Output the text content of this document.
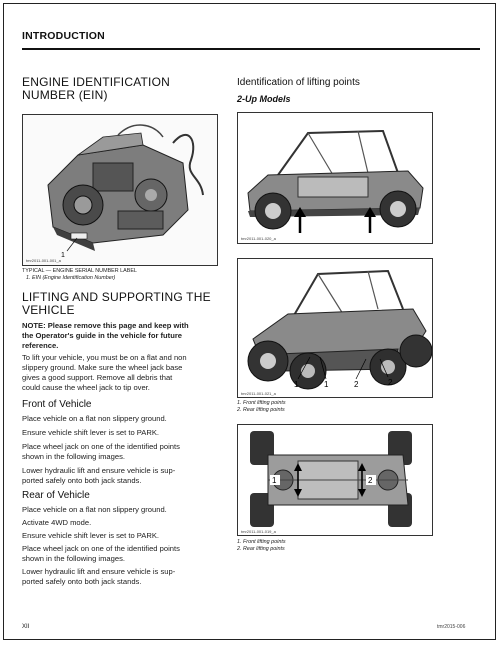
INTRODUCTION
ENGINE IDENTIFICATION
NUMBER (EIN)
1
tmr2011-001-001_a
TYPICAL — ENGINE SERIAL NUMBER LABEL
1. EIN (Engine Identification Number)
LIFTING AND SUPPORTING THE
VEHICLE
NOTE: Please remove this page and keep with
the Operator's guide in the vehicle for future
reference.
To lift your vehicle, you must be on a flat and non
slippery ground. Make sure the wheel jack base
gives a good support. Remove all debris that
could cause the wheel jack to tip over.
Front of Vehicle
Place vehicle on a flat non slippery ground.
Ensure vehicle shift lever is set to PARK.
Place wheel jack on one of the identified points
shown in the following images.
Lower hydraulic lift and ensure vehicle is sup-
ported safely onto both jack stands.
Rear of Vehicle
Place vehicle on a flat non slippery ground.
Activate 4WD mode.
Ensure vehicle shift lever is set to PARK.
Place wheel jack on one of the identified points
shown in the following images.
Lower hydraulic lift and ensure vehicle is sup-
ported safely onto both jack stands.
Identification of lifting points
2-Up Models
tmr2011-001-020_a
1	1	2	2
tmr2011-001-021_a
1. Front lifting points
2. Rear lifting points
1	2
tmr2011-001-019_a
1. Front lifting points
2. Rear lifting points
XII	tmr2015-006
